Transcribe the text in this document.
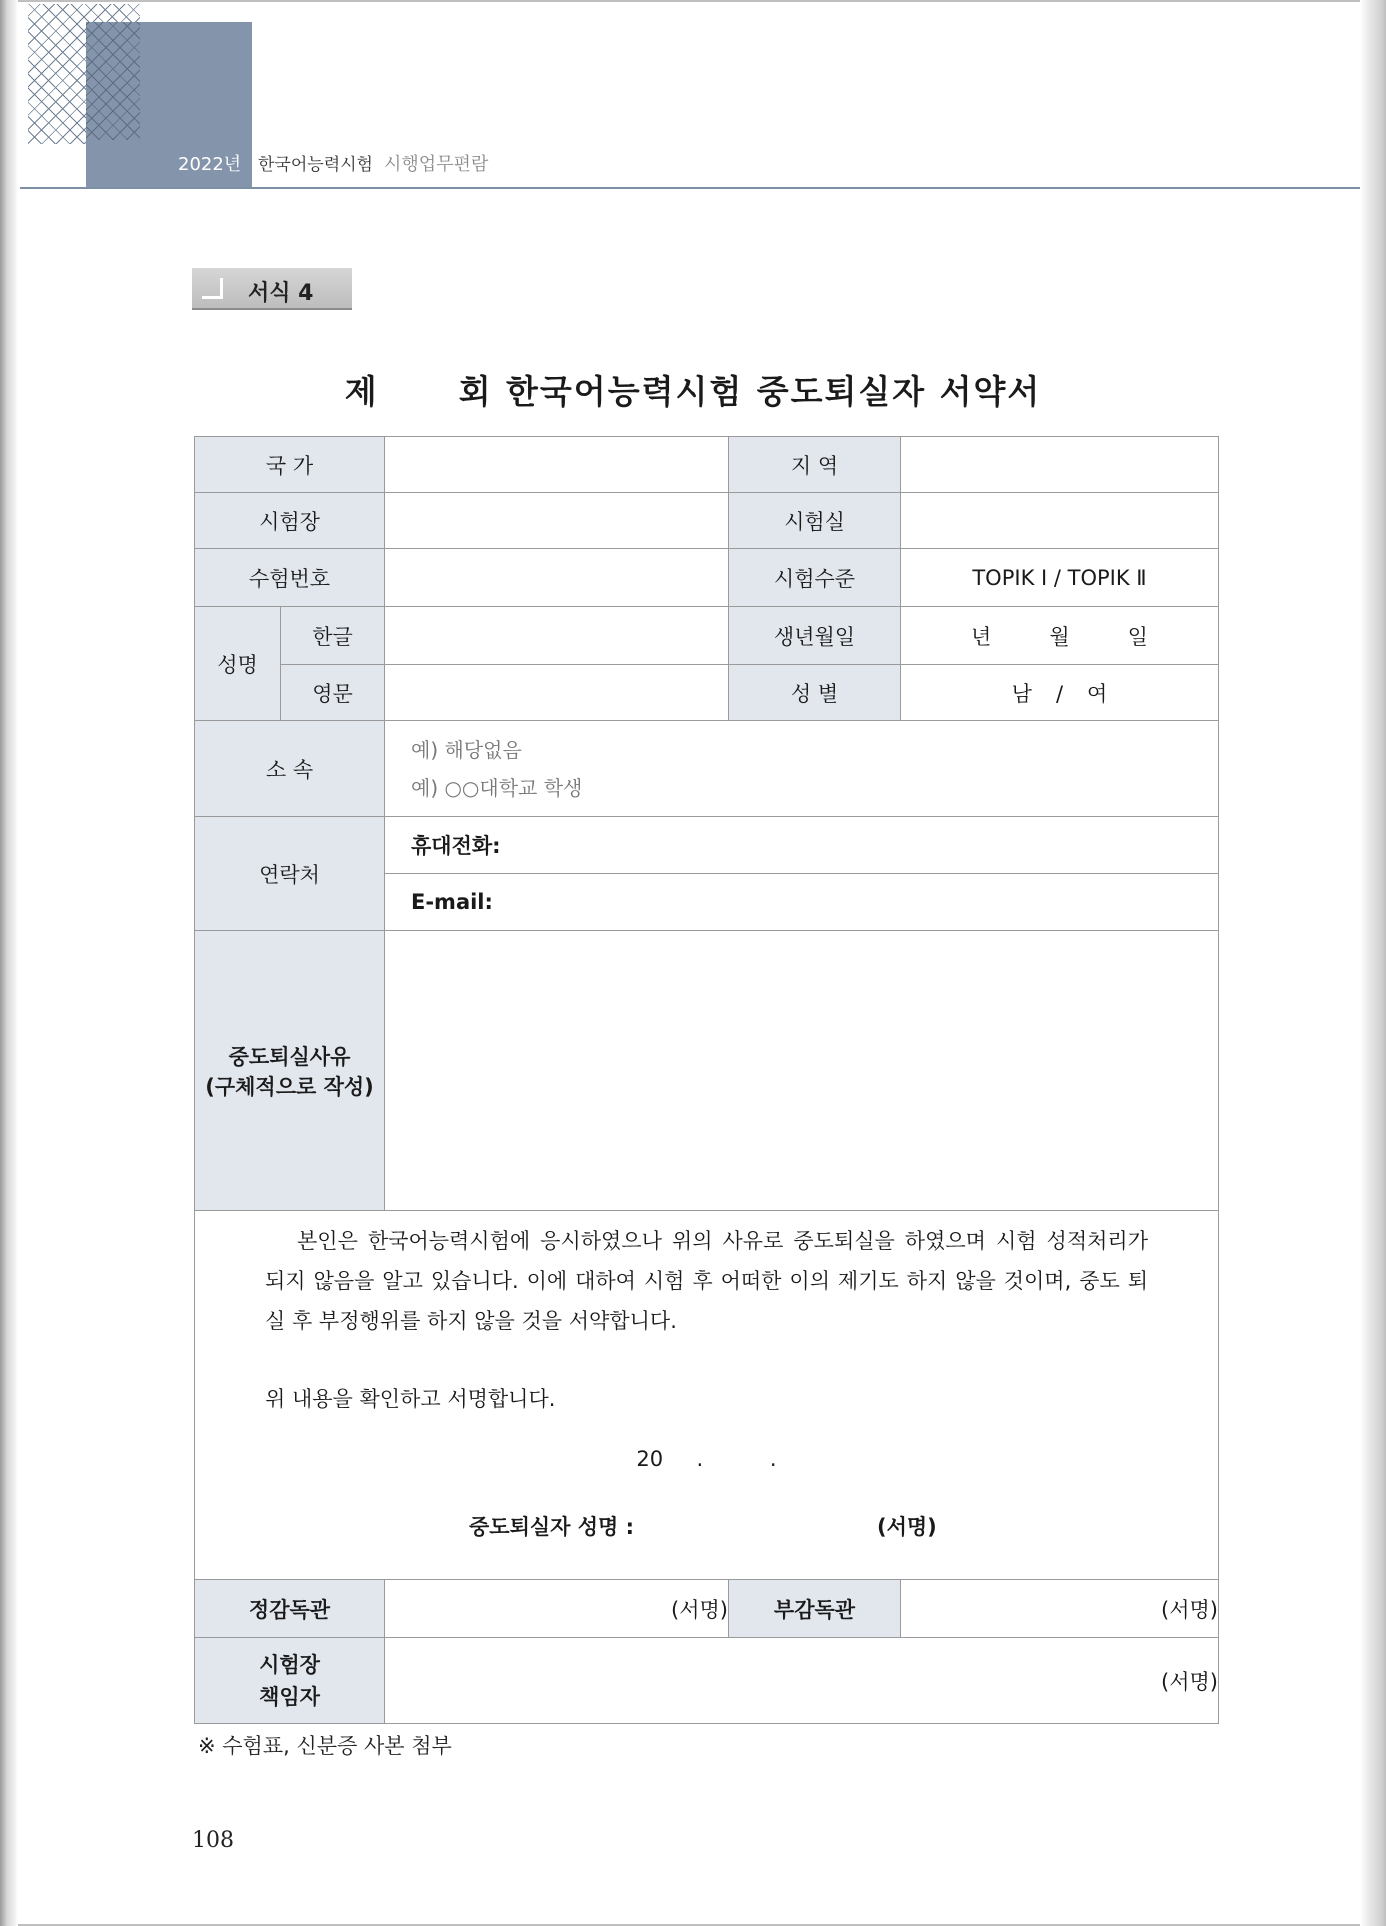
2022년 한국어능력시험 시행업무편람
서식 4
제 회 한국어능력시험 중도퇴실자 서약서
국 가			지 역	
시험장			시험실	
수험번호			시험수준	TOPIK Ⅰ / TOPIK Ⅱ
성명	한글		생년월일	년 월 일
	영문		성 별	남 / 여
소 속		예) 해당없음
예) ○○대학교 학생		

연락처		휴대전화:		

		E-mail:		

중도퇴실사유
(구체적으로 작성)				

본인은 한국어능력시험에 응시하였으나 위의 사유로 중도퇴실을 하였으며 시험 성적처리가 되지 않음을 알고 있습니다. 이에 대하여 시험 후 어떠한 이의 제기도 하지 않을 것이며, 중도 퇴실 후 부정행위를 하지 않을 것을 서약합니다.
위 내용을 확인하고 서명합니다.
20     .          .
중도퇴실자 성명 : (서명)				

정감독관		(서명)	부감독관	(서명)

시험장
책임자		(서명)		
※ 수험표, 신분증 사본 첨부
108
